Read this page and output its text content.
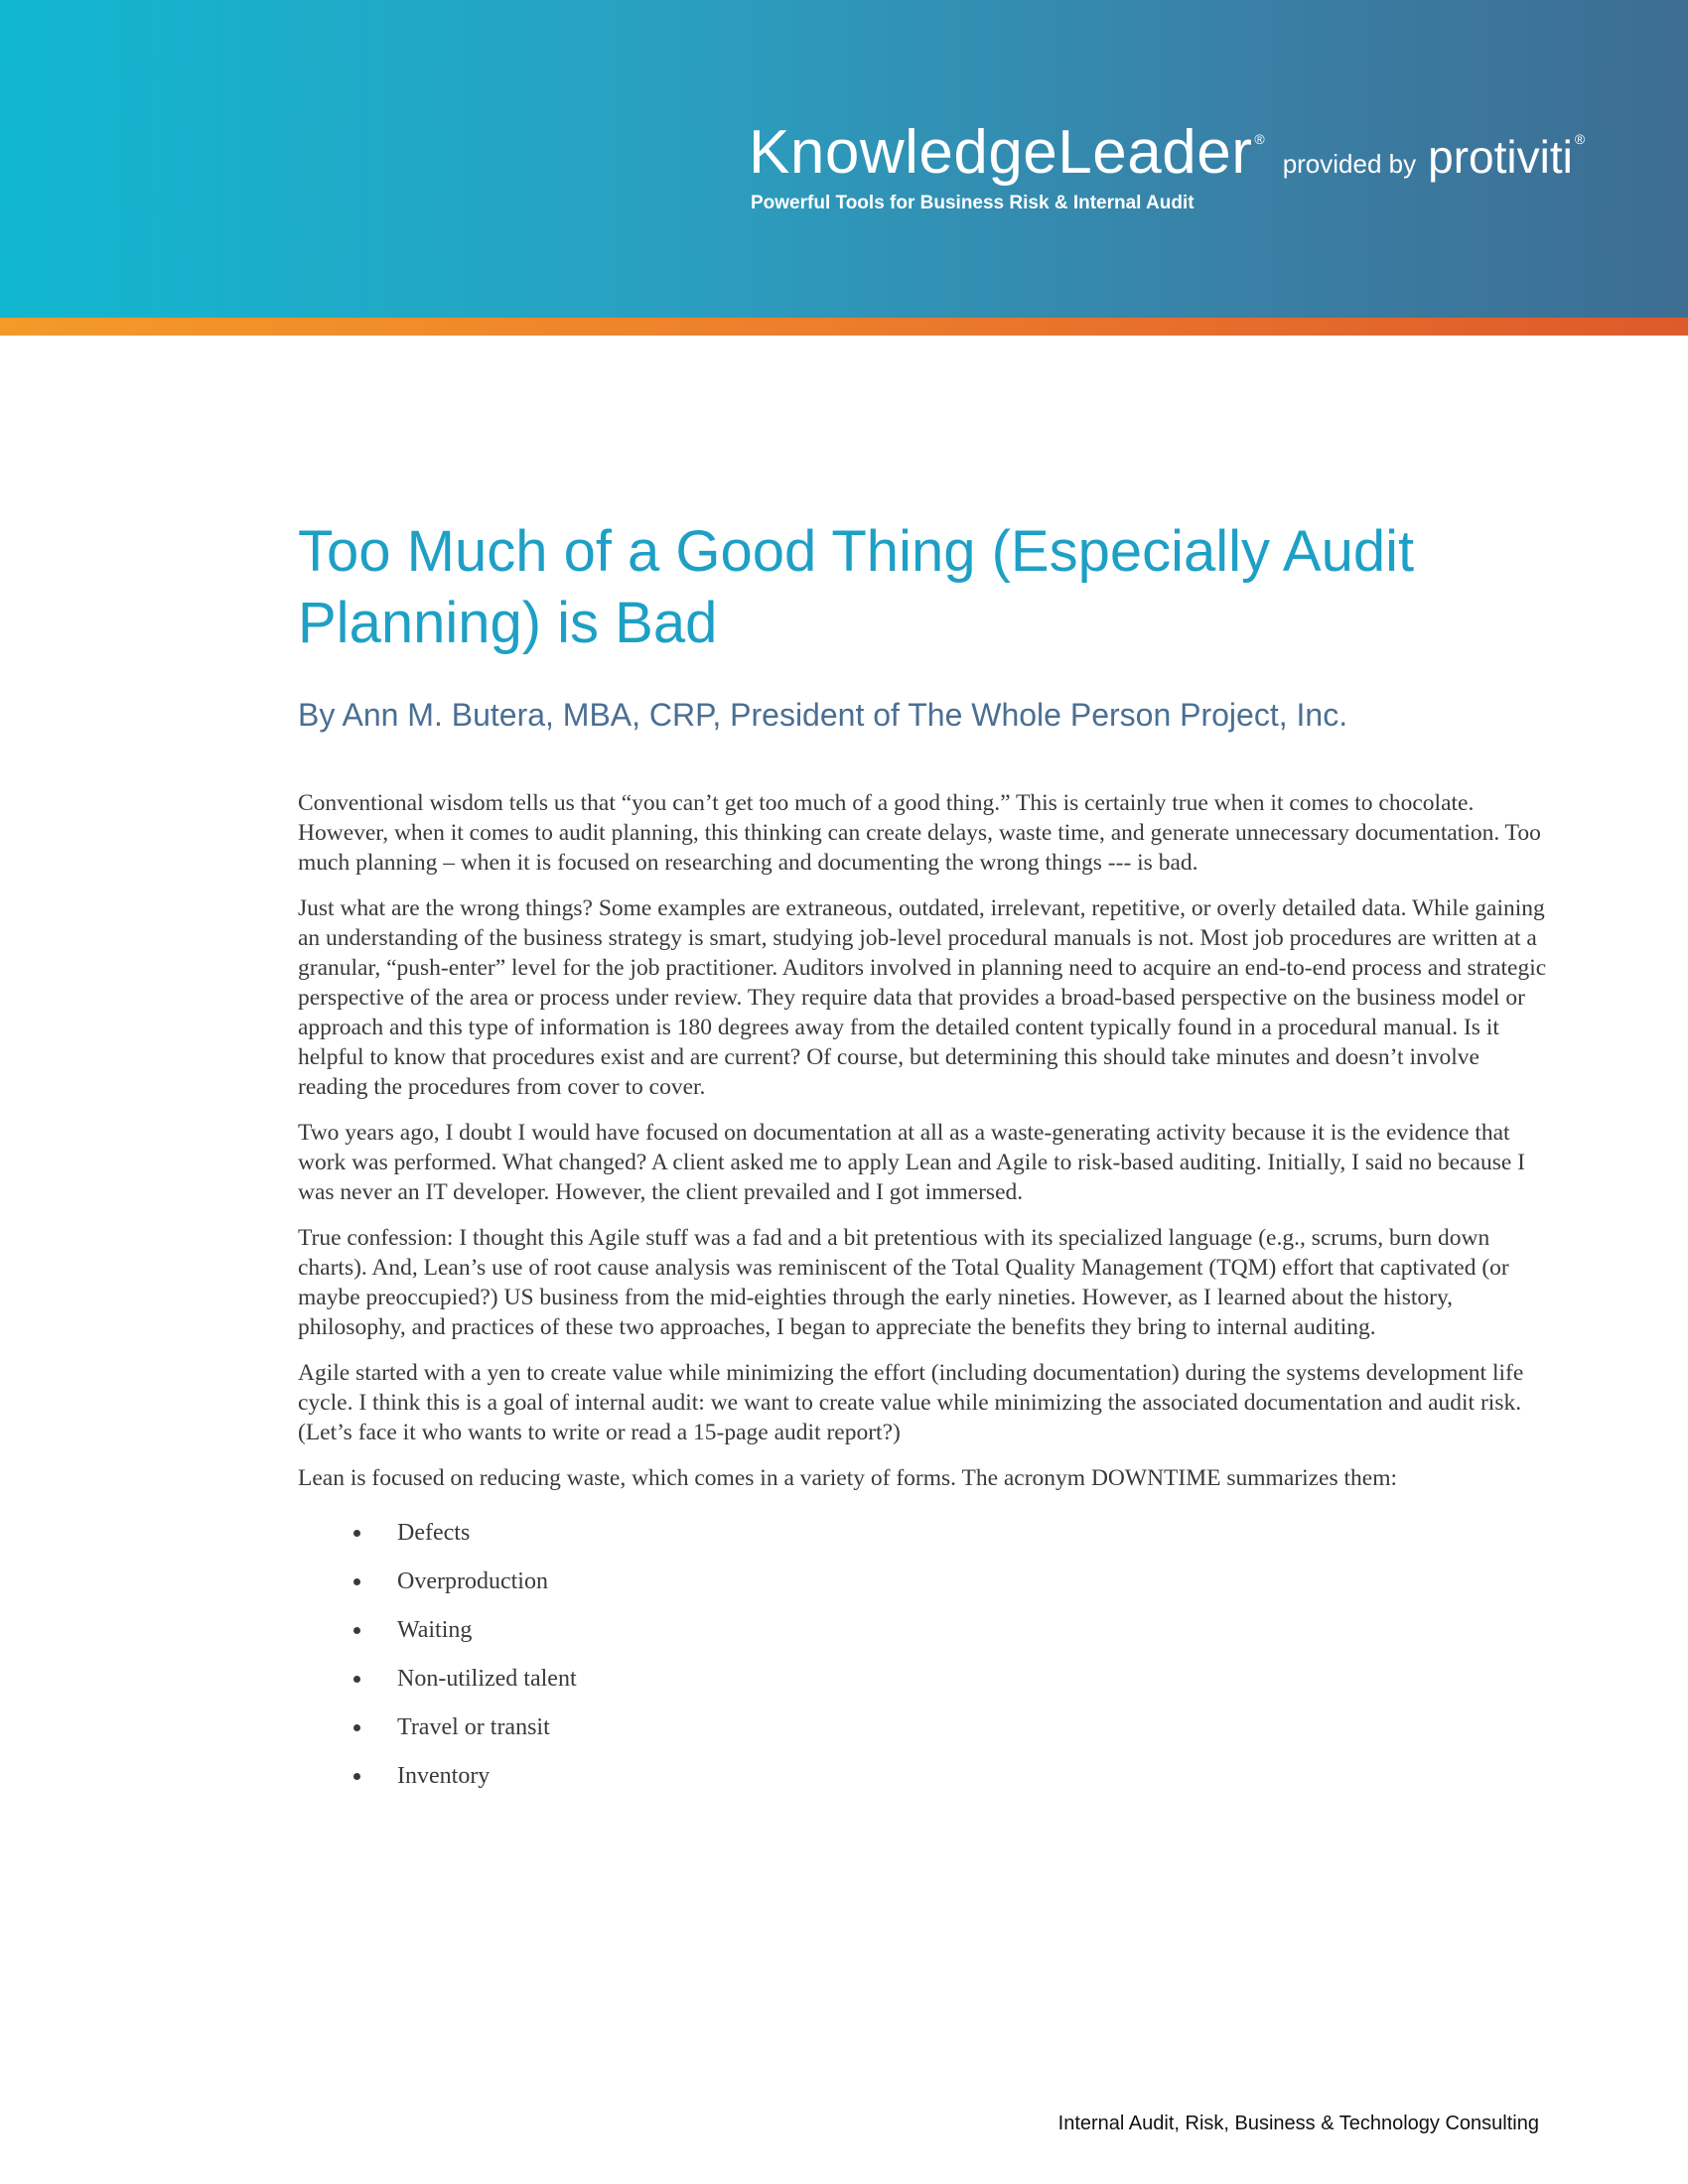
KnowledgeLeader ®provided by protiviti ®
Powerful Tools for Business Risk & Internal Audit
Too Much of a Good Thing (Especially Audit Planning) is Bad
By Ann M. Butera, MBA, CRP, President of The Whole Person Project, Inc.

Conventional wisdom tells us that “you can’t get too much of a good thing.” This is certainly true when it comes to chocolate. However, when it comes to audit planning, this thinking can create delays, waste time, and generate unnecessary documentation. Too much planning – when it is focused on researching and documenting the wrong things --- is bad.

Just what are the wrong things? Some examples are extraneous, outdated, irrelevant, repetitive, or overly detailed data. While gaining an understanding of the business strategy is smart, studying job-level procedural manuals is not. Most job procedures are written at a granular, “push-enter” level for the job practitioner. Auditors involved in planning need to acquire an end-to-end process and strategic perspective of the area or process under review. They require data that provides a broad-based perspective on the business model or approach and this type of information is 180 degrees away from the detailed content typically found in a procedural manual. Is it helpful to know that procedures exist and are current? Of course, but determining this should take minutes and doesn’t involve reading the procedures from cover to cover.

Two years ago, I doubt I would have focused on documentation at all as a waste-generating activity because it is the evidence that work was performed. What changed? A client asked me to apply Lean and Agile to risk-based auditing. Initially, I said no because I was never an IT developer. However, the client prevailed and I got immersed.

True confession: I thought this Agile stuff was a fad and a bit pretentious with its specialized language (e.g., scrums, burn down charts). And, Lean’s use of root cause analysis was reminiscent of the Total Quality Management (TQM) effort that captivated (or maybe preoccupied?) US business from the mid-eighties through the early nineties. However, as I learned about the history, philosophy, and practices of these two approaches, I began to appreciate the benefits they bring to internal auditing.

Agile started with a yen to create value while minimizing the effort (including documentation) during the systems development life cycle. I think this is a goal of internal audit: we want to create value while minimizing the associated documentation and audit risk. (Let’s face it who wants to write or read a 15-page audit report?)

Lean is focused on reducing waste, which comes in a variety of forms. The acronym DOWNTIME summarizes them:

Defects
Overproduction
Waiting
Non-utilized talent
Travel or transit
Inventory
Internal Audit, Risk, Business & Technology Consulting
